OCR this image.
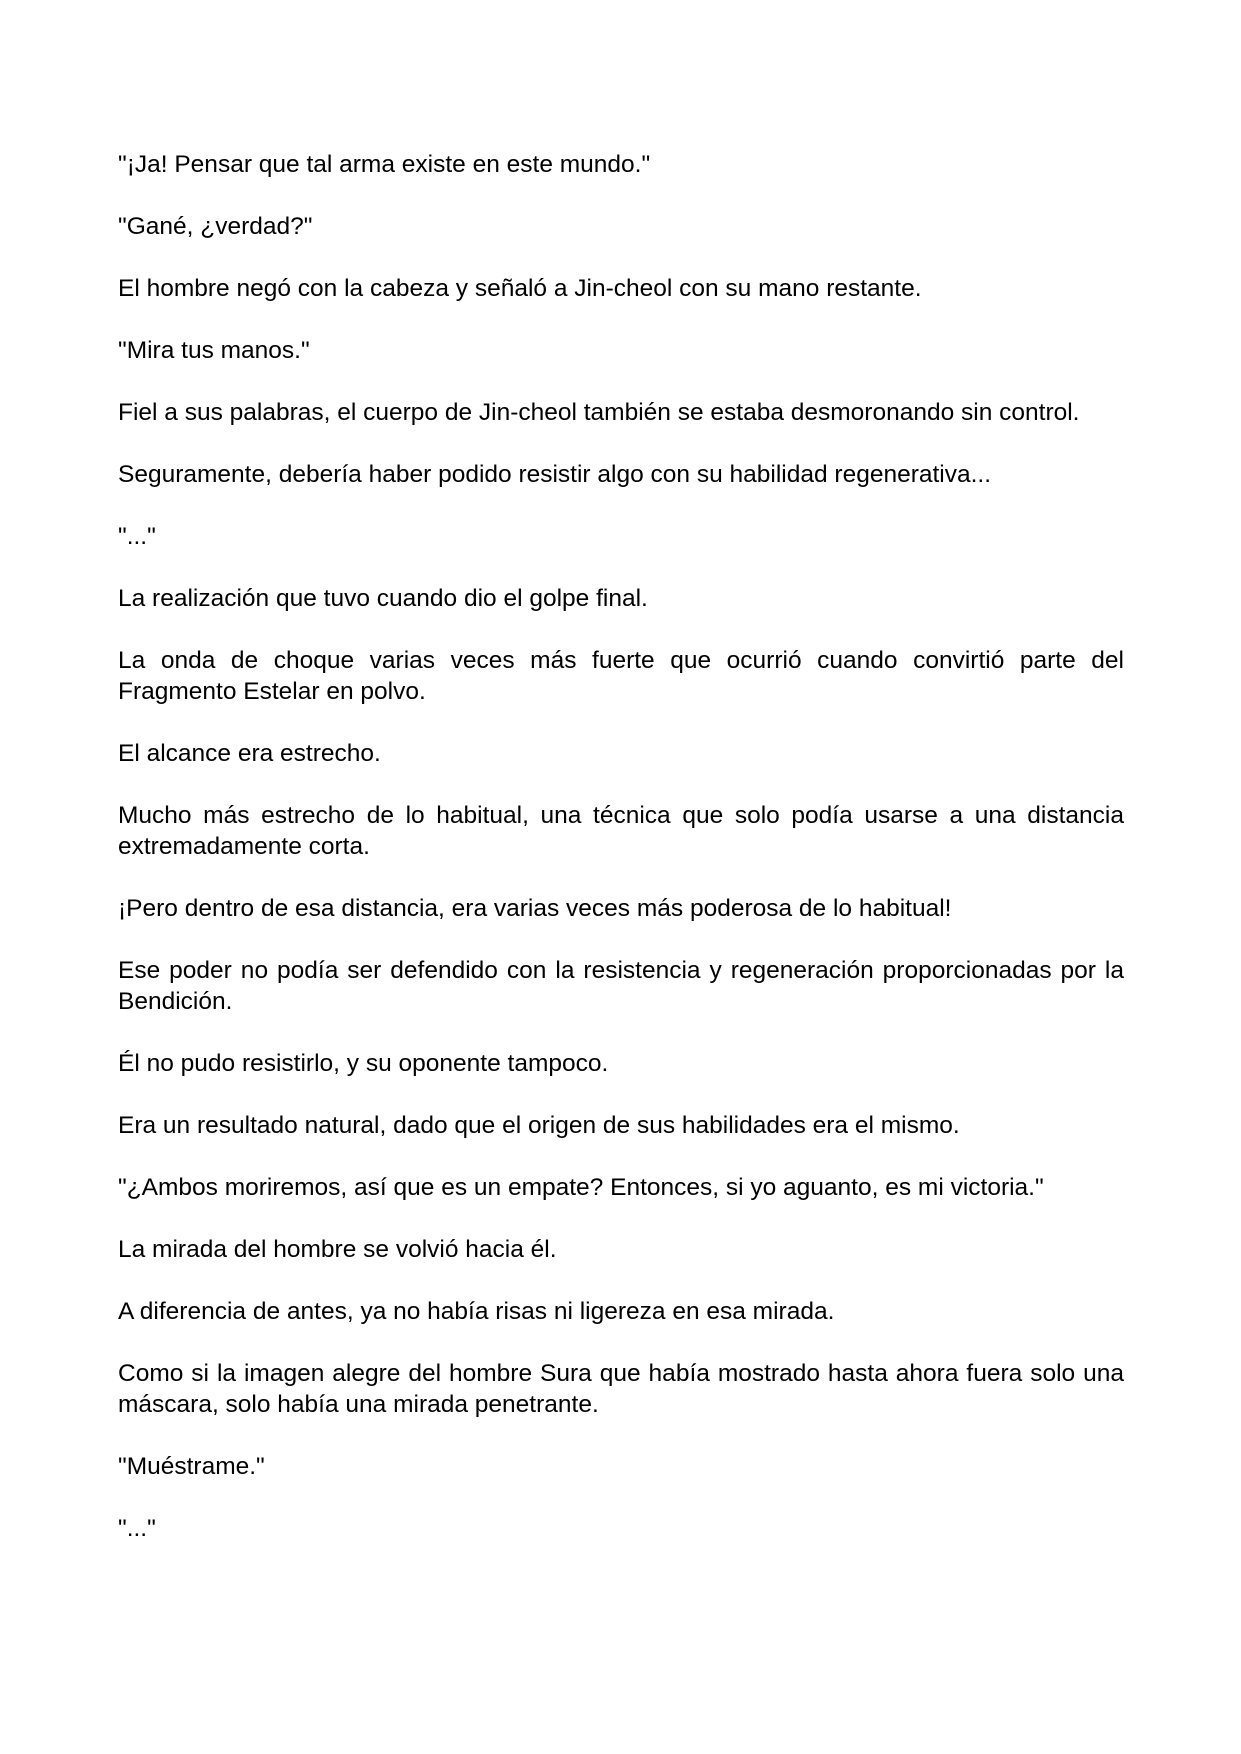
"¡Ja! Pensar que tal arma existe en este mundo."

"Gané, ¿verdad?"

El hombre negó con la cabeza y señaló a Jin-cheol con su mano restante.

"Mira tus manos."

Fiel a sus palabras, el cuerpo de Jin-cheol también se estaba desmoronando sin control.

Seguramente, debería haber podido resistir algo con su habilidad regenerativa...

"..."

La realización que tuvo cuando dio el golpe final.

La onda de choque varias veces más fuerte que ocurrió cuando convirtió parte del Fragmento Estelar en polvo.

El alcance era estrecho.

Mucho más estrecho de lo habitual, una técnica que solo podía usarse a una distancia extremadamente corta.

¡Pero dentro de esa distancia, era varias veces más poderosa de lo habitual!

Ese poder no podía ser defendido con la resistencia y regeneración proporcionadas por la Bendición.

Él no pudo resistirlo, y su oponente tampoco.

Era un resultado natural, dado que el origen de sus habilidades era el mismo.

"¿Ambos moriremos, así que es un empate? Entonces, si yo aguanto, es mi victoria."

La mirada del hombre se volvió hacia él.

A diferencia de antes, ya no había risas ni ligereza en esa mirada.

Como si la imagen alegre del hombre Sura que había mostrado hasta ahora fuera solo una máscara, solo había una mirada penetrante.

"Muéstrame."

"..."
